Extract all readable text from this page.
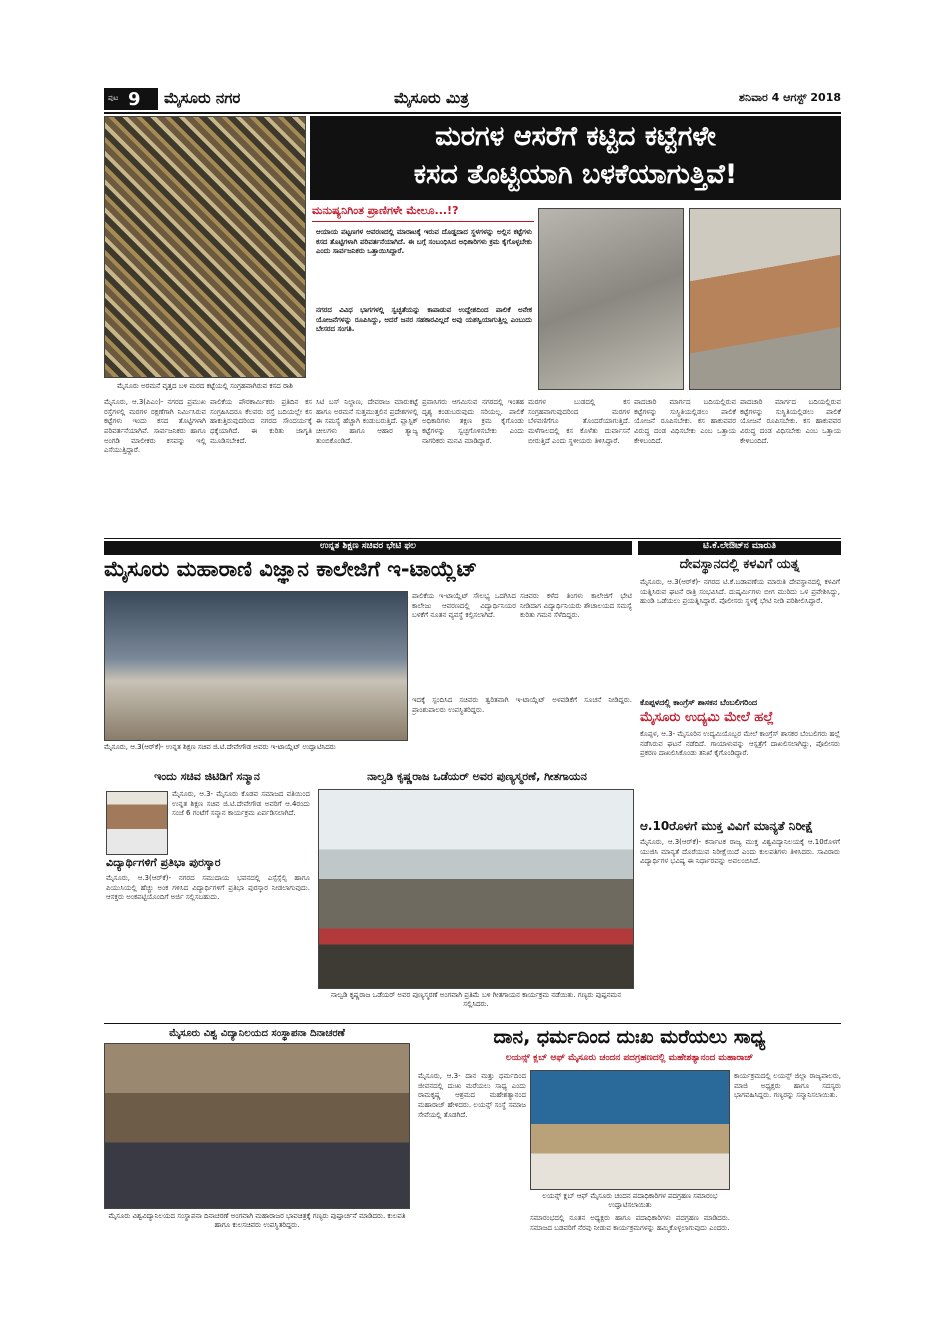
ಪುಟ 9 ಮೈಸೂರು ನಗರ	ಮೈಸೂರು ಮಿತ್ರ	ಶನಿವಾರ 4 ಆಗಸ್ಟ್ 2018
ಮೈಸೂರು ಅರಮನೆ ವೃತ್ತದ ಬಳಿ ಮರದ ಕಟ್ಟೆಯಲ್ಲಿ ಸಂಗ್ರಹವಾಗಿರುವ ಕಸದ ರಾಶಿ
ಮರಗಳ ಆಸರೆಗೆ ಕಟ್ಟಿದ ಕಟ್ಟೆಗಳೇ
ಕಸದ ತೊಟ್ಟಿಯಾಗಿ ಬಳಕೆಯಾಗುತ್ತಿವೆ!
ಮನುಷ್ಯನಿಗಿಂತ ಪ್ರಾಣಿಗಳೇ ಮೇಲೂ...!?
ಆಯಾಯ ಪಟ್ಟಣಗಳ ಆವರಣದಲ್ಲಿ ಮಾರಾಟಕ್ಕೆ ಇರುವ ದೊಡ್ಡದಾದ ಸ್ಥಳಗಳನ್ನು ಅಲ್ಲಿನ ಕಟ್ಟೆಗಳು ಕಸದ ತೊಟ್ಟಿಗಳಾಗಿ ಪರಿವರ್ತನೆಯಾಗಿದೆ. ಈ ಬಗ್ಗೆ ಸಂಬಂಧಿಸಿದ ಅಧಿಕಾರಿಗಳು ಕ್ರಮ ಕೈಗೊಳ್ಳಬೇಕು ಎಂದು ಸಾರ್ವಜನಿಕರು ಒತ್ತಾಯಿಸಿದ್ದಾರೆ.
ನಗರದ ವಿವಿಧ ಭಾಗಗಳಲ್ಲಿ ಸ್ವಚ್ಛತೆಯನ್ನು ಕಾಪಾಡುವ ಉದ್ದೇಶದಿಂದ ಪಾಲಿಕೆ ಅನೇಕ ಯೋಜನೆಗಳನ್ನು ರೂಪಿಸಿದ್ದು, ಆದರೆ ಜನರ ಸಹಕಾರವಿಲ್ಲದೆ ಅವು ಯಶಸ್ವಿಯಾಗುತ್ತಿಲ್ಲ ಎಂಬುದು ಬೇಸರದ ಸಂಗತಿ.
ಮೈಸೂರು, ಆ.3(ಪಿಎಂ)- ನಗರದ ಪ್ರಮುಖ ರಸ್ತೆಗಳಲ್ಲಿ ಮರಗಳ ರಕ್ಷಣೆಗಾಗಿ ನಿರ್ಮಿಸಿರುವ ಕಟ್ಟೆಗಳು ಇಂದು ಕಸದ ತೊಟ್ಟಿಗಳಾಗಿ ಪರಿವರ್ತನೆಯಾಗಿವೆ. ಸಾರ್ವಜನಿಕರು ಹಾಗೂ ಅಂಗಡಿ ಮಾಲೀಕರು ಕಸವನ್ನು ಇಲ್ಲಿ ಎಸೆಯುತ್ತಿದ್ದಾರೆ.
ಪಾಲಿಕೆಯ ಪೌರಕಾರ್ಮಿಕರು ಪ್ರತಿದಿನ ಕಸ ಸಂಗ್ರಹಿಸಿದರೂ ಕೆಲವರು ರಸ್ತೆ ಬದಿಯಲ್ಲೇ ಕಸ ಹಾಕುತ್ತಿರುವುದರಿಂದ ನಗರದ ಸೌಂದರ್ಯಕ್ಕೆ ಧಕ್ಕೆಯಾಗಿದೆ. ಈ ಕುರಿತು ಜಾಗೃತಿ ಮೂಡಿಸಬೇಕಿದೆ.
ಸಿಟಿ ಬಸ್ ನಿಲ್ದಾಣ, ದೇವರಾಜ ಮಾರುಕಟ್ಟೆ ಹಾಗೂ ಅರಮನೆ ಸುತ್ತಮುತ್ತಲಿನ ಪ್ರದೇಶಗಳಲ್ಲಿ ಈ ಸಮಸ್ಯೆ ಹೆಚ್ಚಾಗಿ ಕಂಡುಬರುತ್ತಿದೆ. ಪ್ಲಾಸ್ಟಿಕ್ ಚೀಲಗಳು ಹಾಗೂ ಆಹಾರ ತ್ಯಾಜ್ಯ ತುಂಬಿಕೊಂಡಿದೆ.
ಪ್ರವಾಸಿಗರು ಆಗಮಿಸುವ ನಗರದಲ್ಲಿ ಇಂತಹ ದೃಶ್ಯ ಕಂಡುಬರುವುದು ಸರಿಯಲ್ಲ. ಪಾಲಿಕೆ ಅಧಿಕಾರಿಗಳು ತಕ್ಷಣ ಕ್ರಮ ಕೈಗೊಂಡು ಕಟ್ಟೆಗಳನ್ನು ಸ್ವಚ್ಛಗೊಳಿಸಬೇಕು ಎಂದು ನಾಗರಿಕರು ಮನವಿ ಮಾಡಿದ್ದಾರೆ.
ಮರಗಳ ಬುಡದಲ್ಲಿ ಕಸ ಸಂಗ್ರಹವಾಗುವುದರಿಂದ ಮರಗಳ ಬೆಳವಣಿಗೆಗೂ ತೊಂದರೆಯಾಗುತ್ತಿದೆ. ಮಳೆಗಾಲದಲ್ಲಿ ಕಸ ಕೊಳೆತು ದುರ್ವಾಸನೆ ಬೀರುತ್ತಿದೆ ಎಂದು ಸ್ಥಳೀಯರು ತಿಳಿಸಿದ್ದಾರೆ.
ಪಾದಚಾರಿ ಮಾರ್ಗದ ಬದಿಯಲ್ಲಿರುವ ಕಟ್ಟೆಗಳನ್ನು ಸುಸ್ಥಿತಿಯಲ್ಲಿಡಲು ಪಾಲಿಕೆ ಯೋಜನೆ ರೂಪಿಸಬೇಕು. ಕಸ ಹಾಕುವವರ ವಿರುದ್ಧ ದಂಡ ವಿಧಿಸಬೇಕು ಎಂಬ ಒತ್ತಾಯ ಕೇಳಿಬಂದಿದೆ.
ಪಾದಚಾರಿ ಮಾರ್ಗದ ಬದಿಯಲ್ಲಿರುವ ಕಟ್ಟೆಗಳನ್ನು ಸುಸ್ಥಿತಿಯಲ್ಲಿಡಲು ಪಾಲಿಕೆ ಯೋಜನೆ ರೂಪಿಸಬೇಕು. ಕಸ ಹಾಕುವವರ ವಿರುದ್ಧ ದಂಡ ವಿಧಿಸಬೇಕು ಎಂಬ ಒತ್ತಾಯ ಕೇಳಿಬಂದಿದೆ.
ಉನ್ನತ ಶಿಕ್ಷಣ ಸಚಿವರ ಭೇಟಿ ಫಲ
ಮೈಸೂರು ಮಹಾರಾಣಿ ವಿಜ್ಞಾನ ಕಾಲೇಜಿಗೆ ಇ-ಟಾಯ್ಲೆಟ್
ಮೈಸೂರು, ಆ.3(ಆರ್‌ಕೆ)- ಉನ್ನತ ಶಿಕ್ಷಣ ಸಚಿವ ಜಿ.ಟಿ.ದೇವೇಗೌಡ ಅವರು ಇ-ಟಾಯ್ಲೆಟ್ ಉದ್ಘಾಟಿಸಿದರು
ಪಾಲಿಕೆಯ ಇ-ಟಾಯ್ಲೆಟ್ ಸೌಲಭ್ಯ ಒದಗಿಸಿದ ಕಾಲೇಜು ಆವರಣದಲ್ಲಿ ವಿದ್ಯಾರ್ಥಿನಿಯರ ಬಳಕೆಗೆ ನೂತನ ವ್ಯವಸ್ಥೆ ಕಲ್ಪಿಸಲಾಗಿದೆ.
ಸಚಿವರು ಕಳೆದ ತಿಂಗಳು ಕಾಲೇಜಿಗೆ ಭೇಟಿ ನೀಡಿದಾಗ ವಿದ್ಯಾರ್ಥಿನಿಯರು ಶೌಚಾಲಯದ ಸಮಸ್ಯೆ ಕುರಿತು ಗಮನ ಸೆಳೆದಿದ್ದರು.
ಇದಕ್ಕೆ ಸ್ಪಂದಿಸಿದ ಸಚಿವರು ತ್ವರಿತವಾಗಿ ಇ-ಟಾಯ್ಲೆಟ್ ಅಳವಡಿಕೆಗೆ ಸೂಚನೆ ನೀಡಿದ್ದರು. ಪ್ರಾಂಶುಪಾಲರು ಉಪಸ್ಥಿತರಿದ್ದರು.
ಟಿ.ಕೆ.ಲೇಔಟ್‌ನ ಮಾರುತಿ
ದೇವಸ್ಥಾನದಲ್ಲಿ ಕಳವಿಗೆ ಯತ್ನ
ಮೈಸೂರು, ಆ.3(ಆರ್‌ಕೆ)- ನಗರದ ಟಿ.ಕೆ.ಬಡಾವಣೆಯ ಮಾರುತಿ ದೇವಸ್ಥಾನದಲ್ಲಿ ಕಳವಿಗೆ ಯತ್ನಿಸಿರುವ ಘಟನೆ ರಾತ್ರಿ ಸಂಭವಿಸಿದೆ. ದುಷ್ಕರ್ಮಿಗಳು ಬೀಗ ಮುರಿದು ಒಳ ಪ್ರವೇಶಿಸಿದ್ದು, ಹುಂಡಿ ಒಡೆಯಲು ಪ್ರಯತ್ನಿಸಿದ್ದಾರೆ. ಪೊಲೀಸರು ಸ್ಥಳಕ್ಕೆ ಭೇಟಿ ನೀಡಿ ಪರಿಶೀಲಿಸಿದ್ದಾರೆ.
ಕೊಪ್ಪಳದಲ್ಲಿ ಕಾಂಗ್ರೆಸ್ ಶಾಸಕನ ಬೆಂಬಲಿಗರಿಂದ
ಮೈಸೂರು ಉದ್ಯಮಿ ಮೇಲೆ ಹಲ್ಲೆ
ಕೊಪ್ಪಳ, ಆ.3- ಮೈಸೂರಿನ ಉದ್ಯಮಿಯೊಬ್ಬರ ಮೇಲೆ ಕಾಂಗ್ರೆಸ್ ಶಾಸಕರ ಬೆಂಬಲಿಗರು ಹಲ್ಲೆ ನಡೆಸಿರುವ ಘಟನೆ ನಡೆದಿದೆ. ಗಾಯಾಳುವನ್ನು ಆಸ್ಪತ್ರೆಗೆ ದಾಖಲಿಸಲಾಗಿದ್ದು, ಪೊಲೀಸರು ಪ್ರಕರಣ ದಾಖಲಿಸಿಕೊಂಡು ತನಿಖೆ ಕೈಗೊಂಡಿದ್ದಾರೆ.
ಆ.10ರೊಳಗೆ ಮುಕ್ತ ವಿವಿಗೆ ಮಾನ್ಯತೆ ನಿರೀಕ್ಷೆ
ಮೈಸೂರು, ಆ.3(ಆರ್‌ಕೆ)- ಕರ್ನಾಟಕ ರಾಜ್ಯ ಮುಕ್ತ ವಿಶ್ವವಿದ್ಯಾನಿಲಯಕ್ಕೆ ಆ.10ರೊಳಗೆ ಯುಜಿಸಿ ಮಾನ್ಯತೆ ದೊರೆಯುವ ನಿರೀಕ್ಷೆಯಿದೆ ಎಂದು ಕುಲಪತಿಗಳು ತಿಳಿಸಿದರು. ಸಾವಿರಾರು ವಿದ್ಯಾರ್ಥಿಗಳ ಭವಿಷ್ಯ ಈ ನಿರ್ಧಾರವನ್ನು ಅವಲಂಬಿಸಿದೆ.
ಇಂದು ಸಚಿವ ಜಿಟಿಡಿಗೆ ಸನ್ಮಾನ
ಮೈಸೂರು, ಆ.3- ಮೈಸೂರು ಕೊಡವ ಸಮಾಜದ ವತಿಯಿಂದ ಉನ್ನತ ಶಿಕ್ಷಣ ಸಚಿವ ಜಿ.ಟಿ.ದೇವೇಗೌಡ ಅವರಿಗೆ ಆ.4ರಂದು ಸಂಜೆ 6 ಗಂಟೆಗೆ ಸನ್ಮಾನ ಕಾರ್ಯಕ್ರಮ ಏರ್ಪಡಿಸಲಾಗಿದೆ.
ವಿದ್ಯಾರ್ಥಿಗಳಿಗೆ ಪ್ರತಿಭಾ ಪುರಸ್ಕಾರ
ಮೈಸೂರು, ಆ.3(ಆರ್‌ಕೆ)- ನಗರದ ಸಮುದಾಯ ಭವನದಲ್ಲಿ ಎಸ್ಸೆಸ್ಸೆಲ್ಸಿ ಹಾಗೂ ಪಿಯುಸಿಯಲ್ಲಿ ಹೆಚ್ಚು ಅಂಕ ಗಳಿಸಿದ ವಿದ್ಯಾರ್ಥಿಗಳಿಗೆ ಪ್ರತಿಭಾ ಪುರಸ್ಕಾರ ನೀಡಲಾಗುವುದು. ಆಸಕ್ತರು ಅಂಕಪಟ್ಟಿಯೊಂದಿಗೆ ಅರ್ಜಿ ಸಲ್ಲಿಸಬಹುದು.
ನಾಲ್ವಡಿ ಕೃಷ್ಣರಾಜ ಒಡೆಯರ್ ಅವರ ಪುಣ್ಯಸ್ಮರಣೆ, ಗೀತಗಾಯನ
ನಾಲ್ವಡಿ ಕೃಷ್ಣರಾಜ ಒಡೆಯರ್ ಅವರ ಪುಣ್ಯಸ್ಮರಣೆ ಅಂಗವಾಗಿ ಪ್ರತಿಮೆ ಬಳಿ ಗೀತಗಾಯನ ಕಾರ್ಯಕ್ರಮ ನಡೆಯಿತು. ಗಣ್ಯರು ಪುಷ್ಪನಮನ ಸಲ್ಲಿಸಿದರು.
ಮೈಸೂರು ವಿಶ್ವ ವಿದ್ಯಾನಿಲಯದ ಸಂಸ್ಥಾಪನಾ ದಿನಾಚರಣೆ
ಮೈಸೂರು ವಿಶ್ವವಿದ್ಯಾನಿಲಯದ ಸಂಸ್ಥಾಪನಾ ದಿನಾಚರಣೆ ಅಂಗವಾಗಿ ಮಹಾರಾಜರ ಭಾವಚಿತ್ರಕ್ಕೆ ಗಣ್ಯರು ಪುಷ್ಪಾರ್ಚನೆ ಮಾಡಿದರು. ಕುಲಪತಿ ಹಾಗೂ ಕುಲಸಚಿವರು ಉಪಸ್ಥಿತರಿದ್ದರು.
ದಾನ, ಧರ್ಮದಿಂದ ದುಃಖ ಮರೆಯಲು ಸಾಧ್ಯ
ಲಯನ್ಸ್ ಕ್ಲಬ್ ಆಫ್ ಮೈಸೂರು ಚಂದನ ಪದಗ್ರಹಣದಲ್ಲಿ ಮಹೇಶತ್ಯಾನಂದ ಮಹಾರಾಜ್
ಮೈಸೂರು, ಆ.3- ದಾನ ಮತ್ತು ಧರ್ಮದಿಂದ ಜೀವನದಲ್ಲಿ ದುಃಖ ಮರೆಯಲು ಸಾಧ್ಯ ಎಂದು ರಾಮಕೃಷ್ಣ ಆಶ್ರಮದ ಮಹೇಶತ್ಯಾನಂದ ಮಹಾರಾಜ್ ಹೇಳಿದರು. ಲಯನ್ಸ್ ಸಂಸ್ಥೆ ಸಮಾಜ ಸೇವೆಯಲ್ಲಿ ತೊಡಗಿದೆ.
ಲಯನ್ಸ್ ಕ್ಲಬ್ ಆಫ್ ಮೈಸೂರು ಚಂದನ ಪದಾಧಿಕಾರಿಗಳ ಪದಗ್ರಹಣ ಸಮಾರಂಭ ಉದ್ಘಾಟಿಸಲಾಯಿತು
ಸಮಾರಂಭದಲ್ಲಿ ನೂತನ ಅಧ್ಯಕ್ಷರು ಹಾಗೂ ಪದಾಧಿಕಾರಿಗಳು ಪದಗ್ರಹಣ ಮಾಡಿದರು. ಸಮಾಜದ ಬಡವರಿಗೆ ನೆರವು ನೀಡುವ ಕಾರ್ಯಕ್ರಮಗಳನ್ನು ಹಮ್ಮಿಕೊಳ್ಳಲಾಗುವುದು ಎಂದರು.
ಕಾರ್ಯಕ್ರಮದಲ್ಲಿ ಲಯನ್ಸ್ ಜಿಲ್ಲಾ ರಾಜ್ಯಪಾಲರು, ಮಾಜಿ ಅಧ್ಯಕ್ಷರು ಹಾಗೂ ಸದಸ್ಯರು ಭಾಗವಹಿಸಿದ್ದರು. ಗಣ್ಯರನ್ನು ಸನ್ಮಾನಿಸಲಾಯಿತು.
